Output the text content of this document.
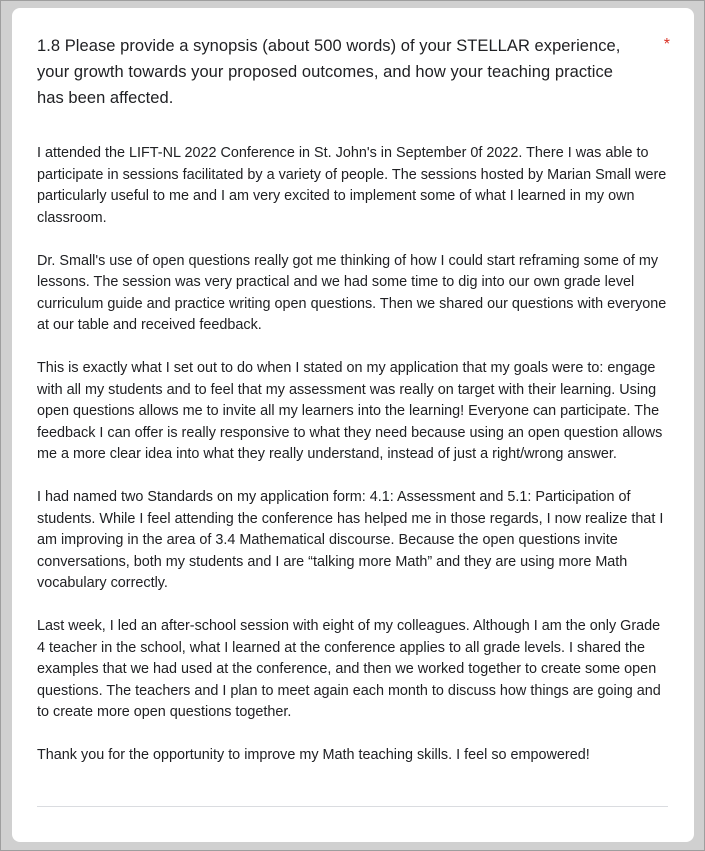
1.8 Please provide a synopsis (about 500 words) of your STELLAR experience, your growth towards your proposed outcomes, and how your teaching practice has been affected.

*

I attended the LIFT-NL 2022 Conference in St. John's in September 0f 2022. There I was able to participate in sessions facilitated by a variety of people. The sessions hosted by Marian Small were particularly useful to me and I am very excited to implement some of what I learned in my own classroom.

Dr. Small's use of open questions really got me thinking of how I could start reframing some of my lessons. The session was very practical and we had some time to dig into our own grade level curriculum guide and practice writing open questions. Then we shared our questions with everyone at our table and received feedback.

This is exactly what I set out to do when I stated on my application that my goals were to: engage with all my students and to feel that my assessment was really on target with their learning. Using open questions allows me to invite all my learners into the learning! Everyone can participate. The feedback I can offer is really responsive to what they need because using an open question allows me a more clear idea into what they really understand, instead of just a right/wrong answer.

I had named two Standards on my application form: 4.1: Assessment and 5.1: Participation of students. While I feel attending the conference has helped me in those regards, I now realize that I am improving in the area of 3.4 Mathematical discourse. Because the open questions invite conversations, both my students and I are “talking more Math” and they are using more Math vocabulary correctly.

Last week, I led an after-school session with eight of my colleagues. Although I am the only Grade 4 teacher in the school, what I learned at the conference applies to all grade levels. I shared the examples that we had used at the conference, and then we worked together to create some open questions. The teachers and I plan to meet again each month to discuss how things are going and to create more open questions together.

Thank you for the opportunity to improve my Math teaching skills. I feel so empowered!
